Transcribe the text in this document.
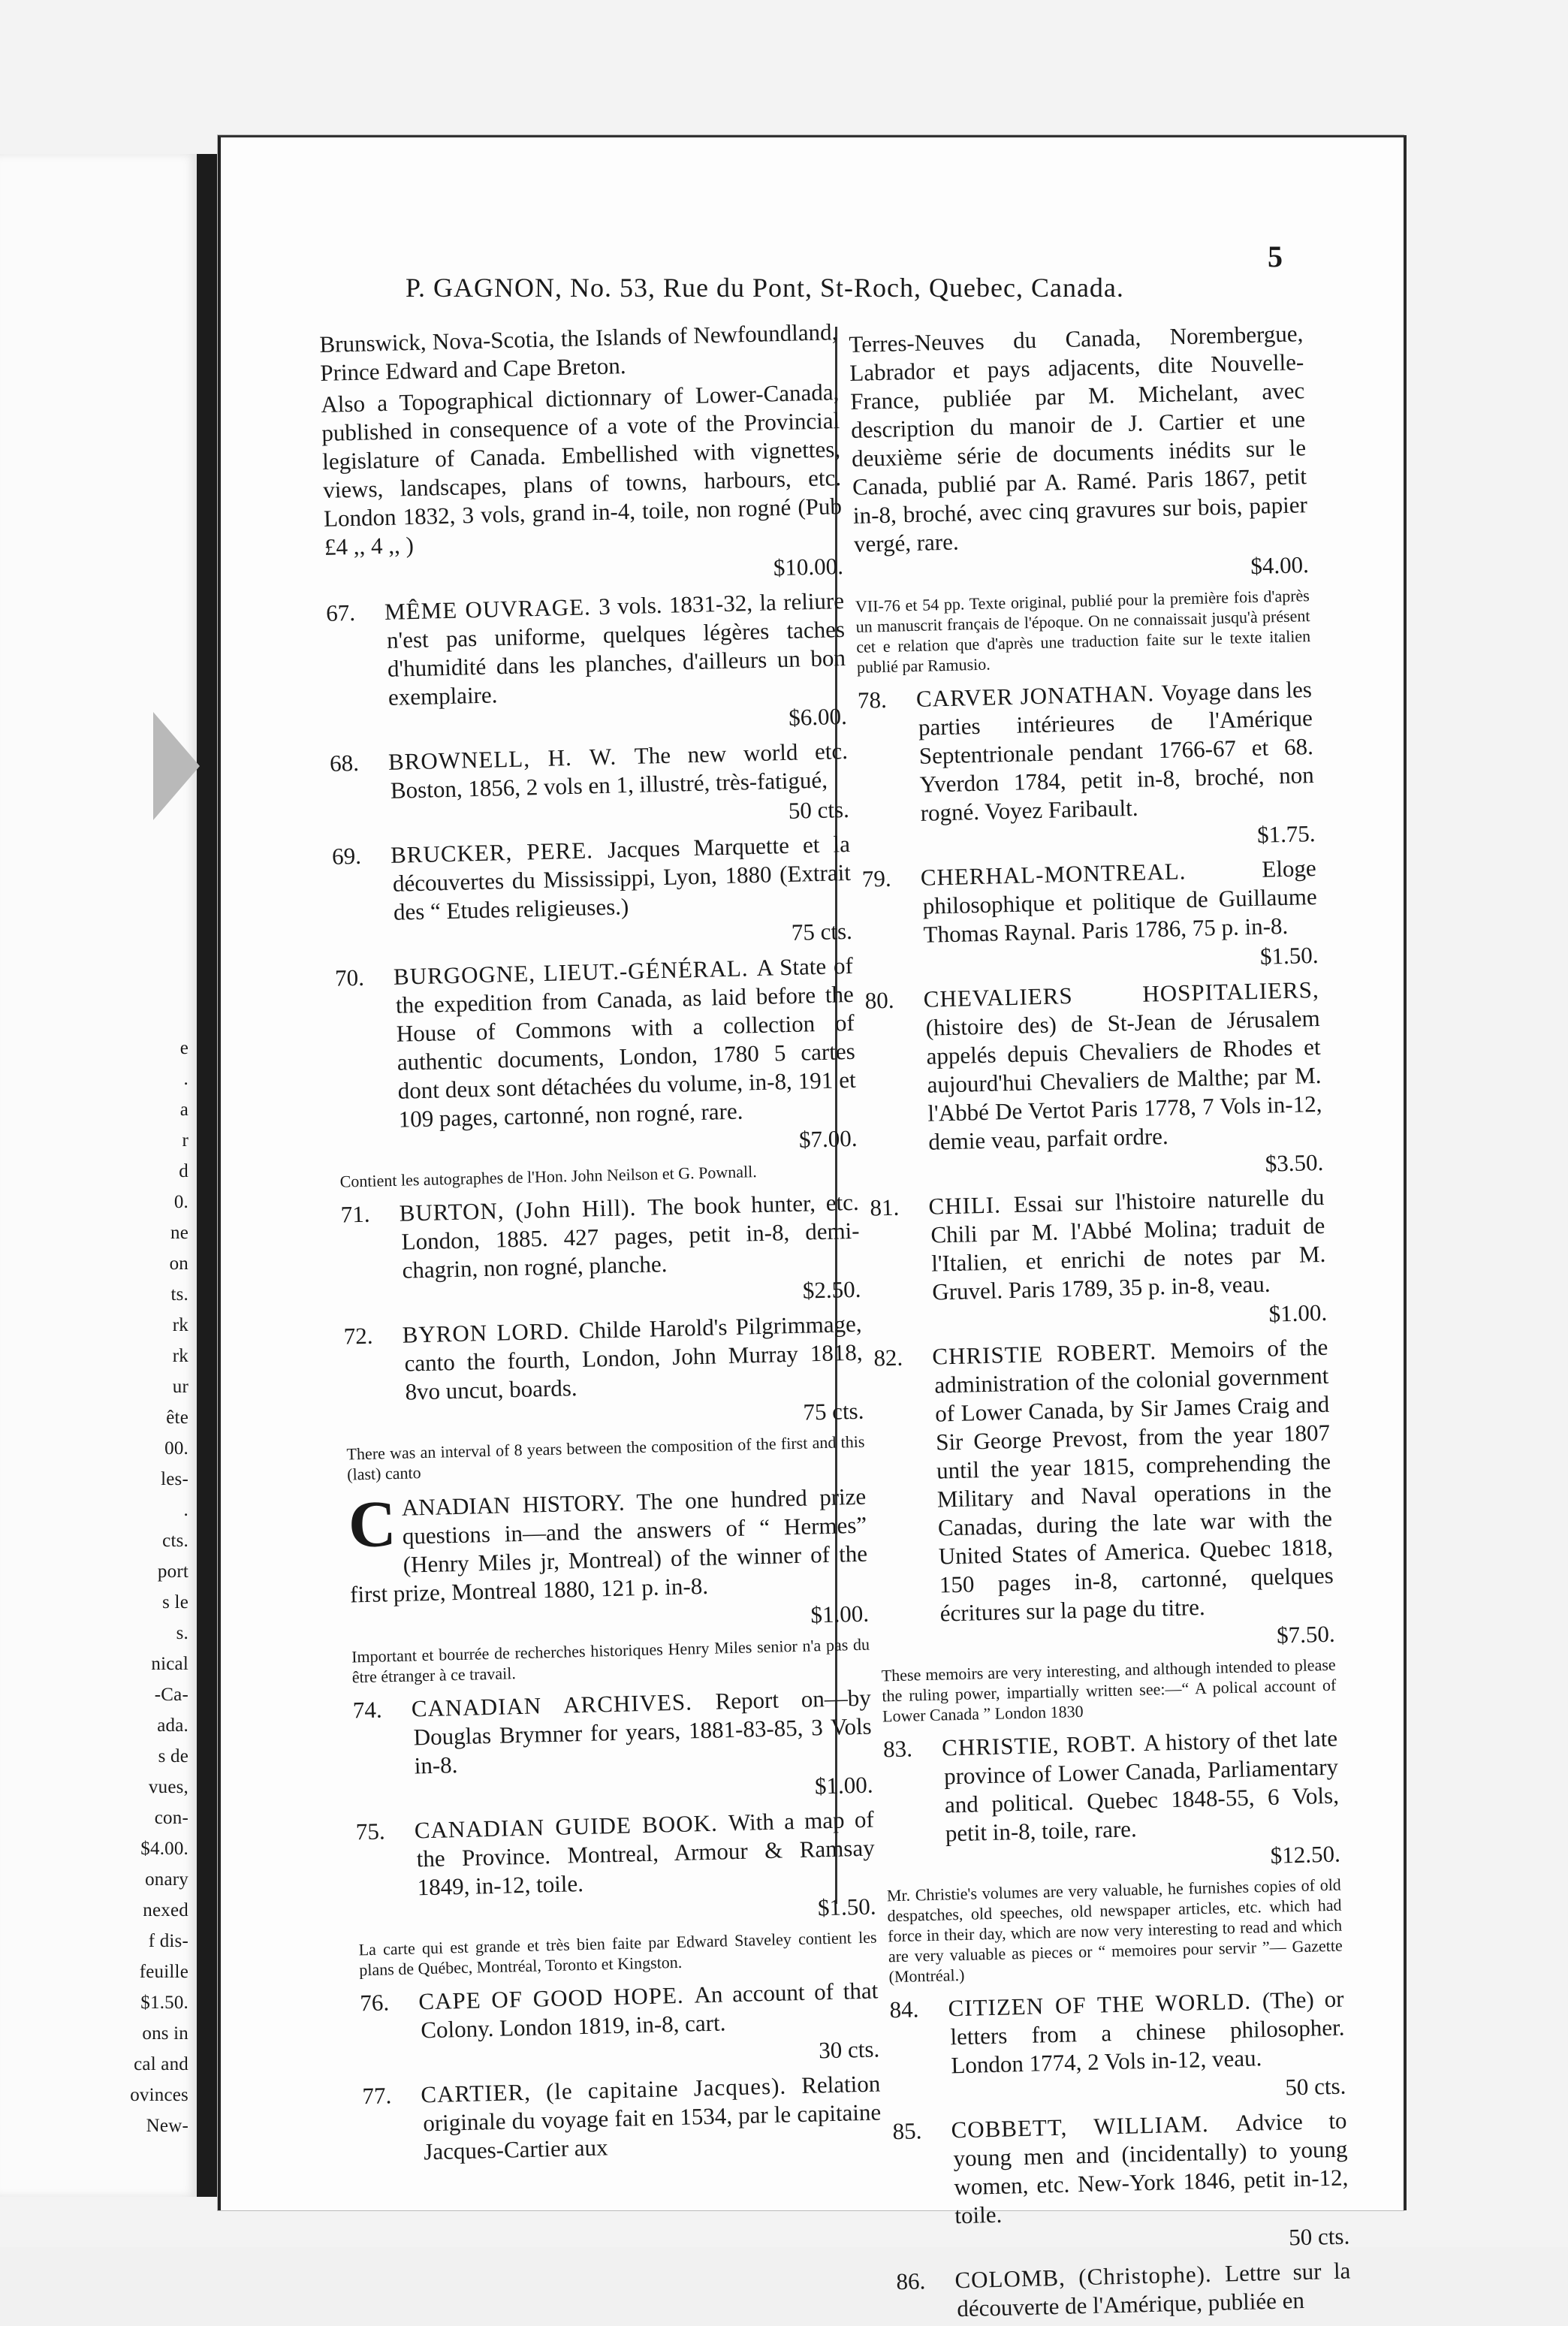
e
.
a
r
d
0.
ne
on
ts.
rk
rk
ur
ête
00.
les-
.
cts.
port
s le
s.
nical
-Ca-
ada.
s de
vues,
con-
$4.00.
onary
nexed
f dis-
feuille
$1.50.
ons in
cal and
ovinces
New-
5
P. GAGNON, No. 53, Rue du Pont, St-Roch, Quebec, Canada.

Brunswick, Nova-Scotia, the Islands of Newfoundland, Prince Edward and Cape Breton.

Also a Topographical dictionnary of Lower-Canada, published in consequence of a vote of the Provincial legislature of Canada. Embellished with vignettes, views, landscapes, plans of towns, harbours, etc. London 1832, 3 vols, grand in-4, toile, non rogné (Pub £4 ,, 4 ,, )

$10.00.

67. MÊME OUVRAGE. 3 vols. 1831-32, la reliure n'est pas uniforme, quelques légères taches d'humidité dans les planches, d'ailleurs un bon exemplaire.

$6.00.

68. BROWNELL, H. W. The new world etc. Boston, 1856, 2 vols en 1, illustré, très-fatigué,

50 cts.

69. BRUCKER, PERE. Jacques Marquette et la découvertes du Mississippi, Lyon, 1880 (Extrait des “ Etudes religieuses.)

75 cts.

70. BURGOGNE, LIEUT.-GÉNÉRAL. A State of the expedition from Canada, as laid before the House of Commons with a collection of authentic documents, London, 1780 5 cartes dont deux sont détachées du volume, in-8, 191 et 109 pages, cartonné, non rogné, rare.

$7.00.

Contient les autographes de l'Hon. John Neilson et G. Pownall.

71. BURTON, (John Hill). The book hunter, etc. London, 1885. 427 pages, petit in-8, demi-chagrin, non rogné, planche.

$2.50.

72. BYRON LORD. Childe Harold's Pilgrimmage, canto the fourth, London, John Murray 1818, 8vo uncut, boards.

75 cts.

There was an interval of 8 years between the composition of the first and this (last) canto

C ANADIAN HISTORY. The one hundred prize questions in—and the answers of “ Hermes” (Henry Miles jr, Montreal) of the winner of the first prize, Montreal 1880, 121 p. in-8.

$1.00.

Important et bourrée de recherches historiques Henry Miles senior n'a pas du être étranger à ce travail.

74. CANADIAN ARCHIVES. Report on—by Douglas Brymner for years, 1881-83-85, 3 Vols in-8.

$1.00.

75. CANADIAN GUIDE BOOK. With a map of the Province. Montreal, Armour & Ramsay 1849, in-12, toile.

$1.50.

La carte qui est grande et très bien faite par Edward Staveley contient les plans de Québec, Montréal, Toronto et Kingston.

76. CAPE OF GOOD HOPE. An account of that Colony. London 1819, in-8, cart.

30 cts.

77. CARTIER, (le capitaine Jacques). Relation originale du voyage fait en 1534, par le capitaine Jacques-Cartier aux

Terres-Neuves du Canada, Norembergue, Labrador et pays adjacents, dite Nouvelle-France, publiée par M. Michelant, avec description du manoir de J. Cartier et une deuxième série de documents inédits sur le Canada, publié par A. Ramé. Paris 1867, petit in-8, broché, avec cinq gravures sur bois, papier vergé, rare.

$4.00.

VII-76 et 54 pp. Texte original, publié pour la première fois d'après un manuscrit français de l'époque. On ne connaissait jusqu'à présent cet e relation que d'après une traduction faite sur le texte italien publié par Ramusio.

78. CARVER JONATHAN. Voyage dans les parties intérieures de l'Amérique Septentrionale pendant 1766-67 et 68. Yverdon 1784, petit in-8, broché, non rogné. Voyez Faribault.

$1.75.

79. CHERHAL-MONTREAL. Eloge philosophique et politique de Guillaume Thomas Raynal. Paris 1786, 75 p. in-8.

$1.50.

80. CHEVALIERS HOSPITALIERS, (histoire des) de St-Jean de Jérusalem appelés depuis Chevaliers de Rhodes et aujourd'hui Chevaliers de Malthe; par M. l'Abbé De Vertot Paris 1778, 7 Vols in-12, demie veau, parfait ordre.

$3.50.

81. CHILI. Essai sur l'histoire naturelle du Chili par M. l'Abbé Molina; traduit de l'Italien, et enrichi de notes par M. Gruvel. Paris 1789, 35 p. in-8, veau.

$1.00.

82. CHRISTIE ROBERT. Memoirs of the administration of the colonial government of Lower Canada, by Sir James Craig and Sir George Prevost, from the year 1807 until the year 1815, comprehending the Military and Naval operations in the Canadas, during the late war with the United States of America. Quebec 1818, 150 pages in-8, cartonné, quelques écritures sur la page du titre.

$7.50.

These memoirs are very interesting, and although intended to please the ruling power, impartially written see:—“ A polical account of Lower Canada ” London 1830

83. CHRISTIE, ROBT. A history of thet late province of Lower Canada, Parliamentary and political. Quebec 1848-55, 6 Vols, petit in-8, toile, rare.

$12.50.

Mr. Christie's volumes are very valuable, he furnishes copies of old despatches, old speeches, old newspaper articles, etc. which had force in their day, which are now very interesting to read and which are very valuable as pieces or “ memoires pour servir ”— Gazette (Montréal.)

84. CITIZEN OF THE WORLD. (The) or letters from a chinese philosopher. London 1774, 2 Vols in-12, veau.

50 cts.

85. COBBETT, WILLIAM. Advice to young men and (incidentally) to young women, etc. New-York 1846, petit in-12, toile.

50 cts.

86. COLOMB, (Christophe). Lettre sur la découverte de l'Amérique, publiée en
